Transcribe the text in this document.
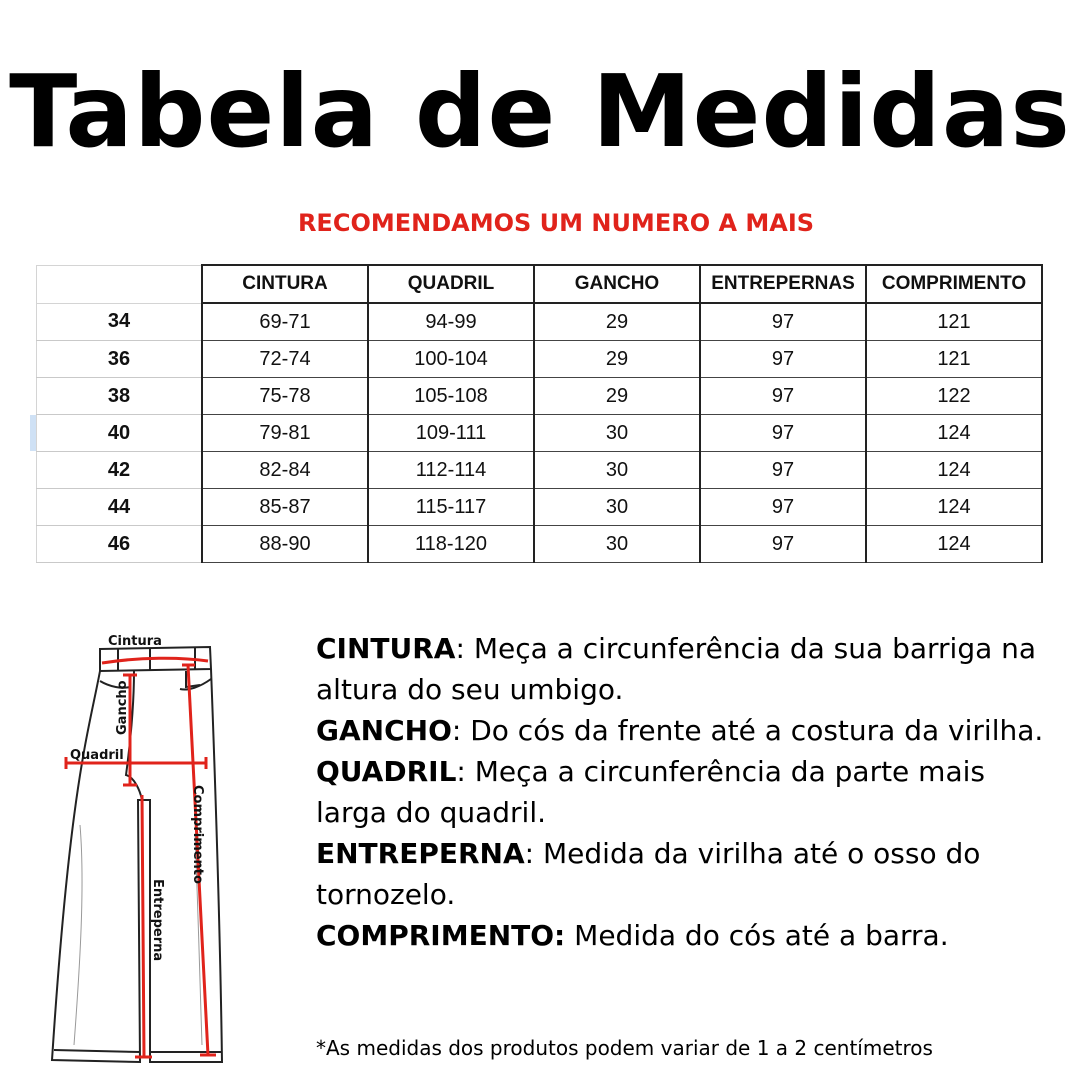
Tabela de Medidas
RECOMENDAMOS UM NUMERO A MAIS
	CINTURA	QUADRIL	GANCHO	ENTREPERNAS	COMPRIMENTO
34	69-71	94-99	29	97	121
36	72-74	100-104	29	97	121
38	75-78	105-108	29	97	122
40	79-81	109-111	30	97	124
42	82-84	112-114	30	97	124
44	85-87	115-117	30	97	124
46	88-90	118-120	30	97	124
Cintura
Gancho
Quadril
Comprimento
Entreperna

CINTURA: Meça a circunferência da sua barriga na altura do seu umbigo.

GANCHO: Do cós da frente até a costura da virilha.

QUADRIL: Meça a circunferência da parte mais larga do quadril.

ENTREPERNA: Medida da virilha até o osso do tornozelo.

COMPRIMENTO: Medida do cós até a barra.

*As medidas dos produtos podem variar de 1 a 2 centímetros
